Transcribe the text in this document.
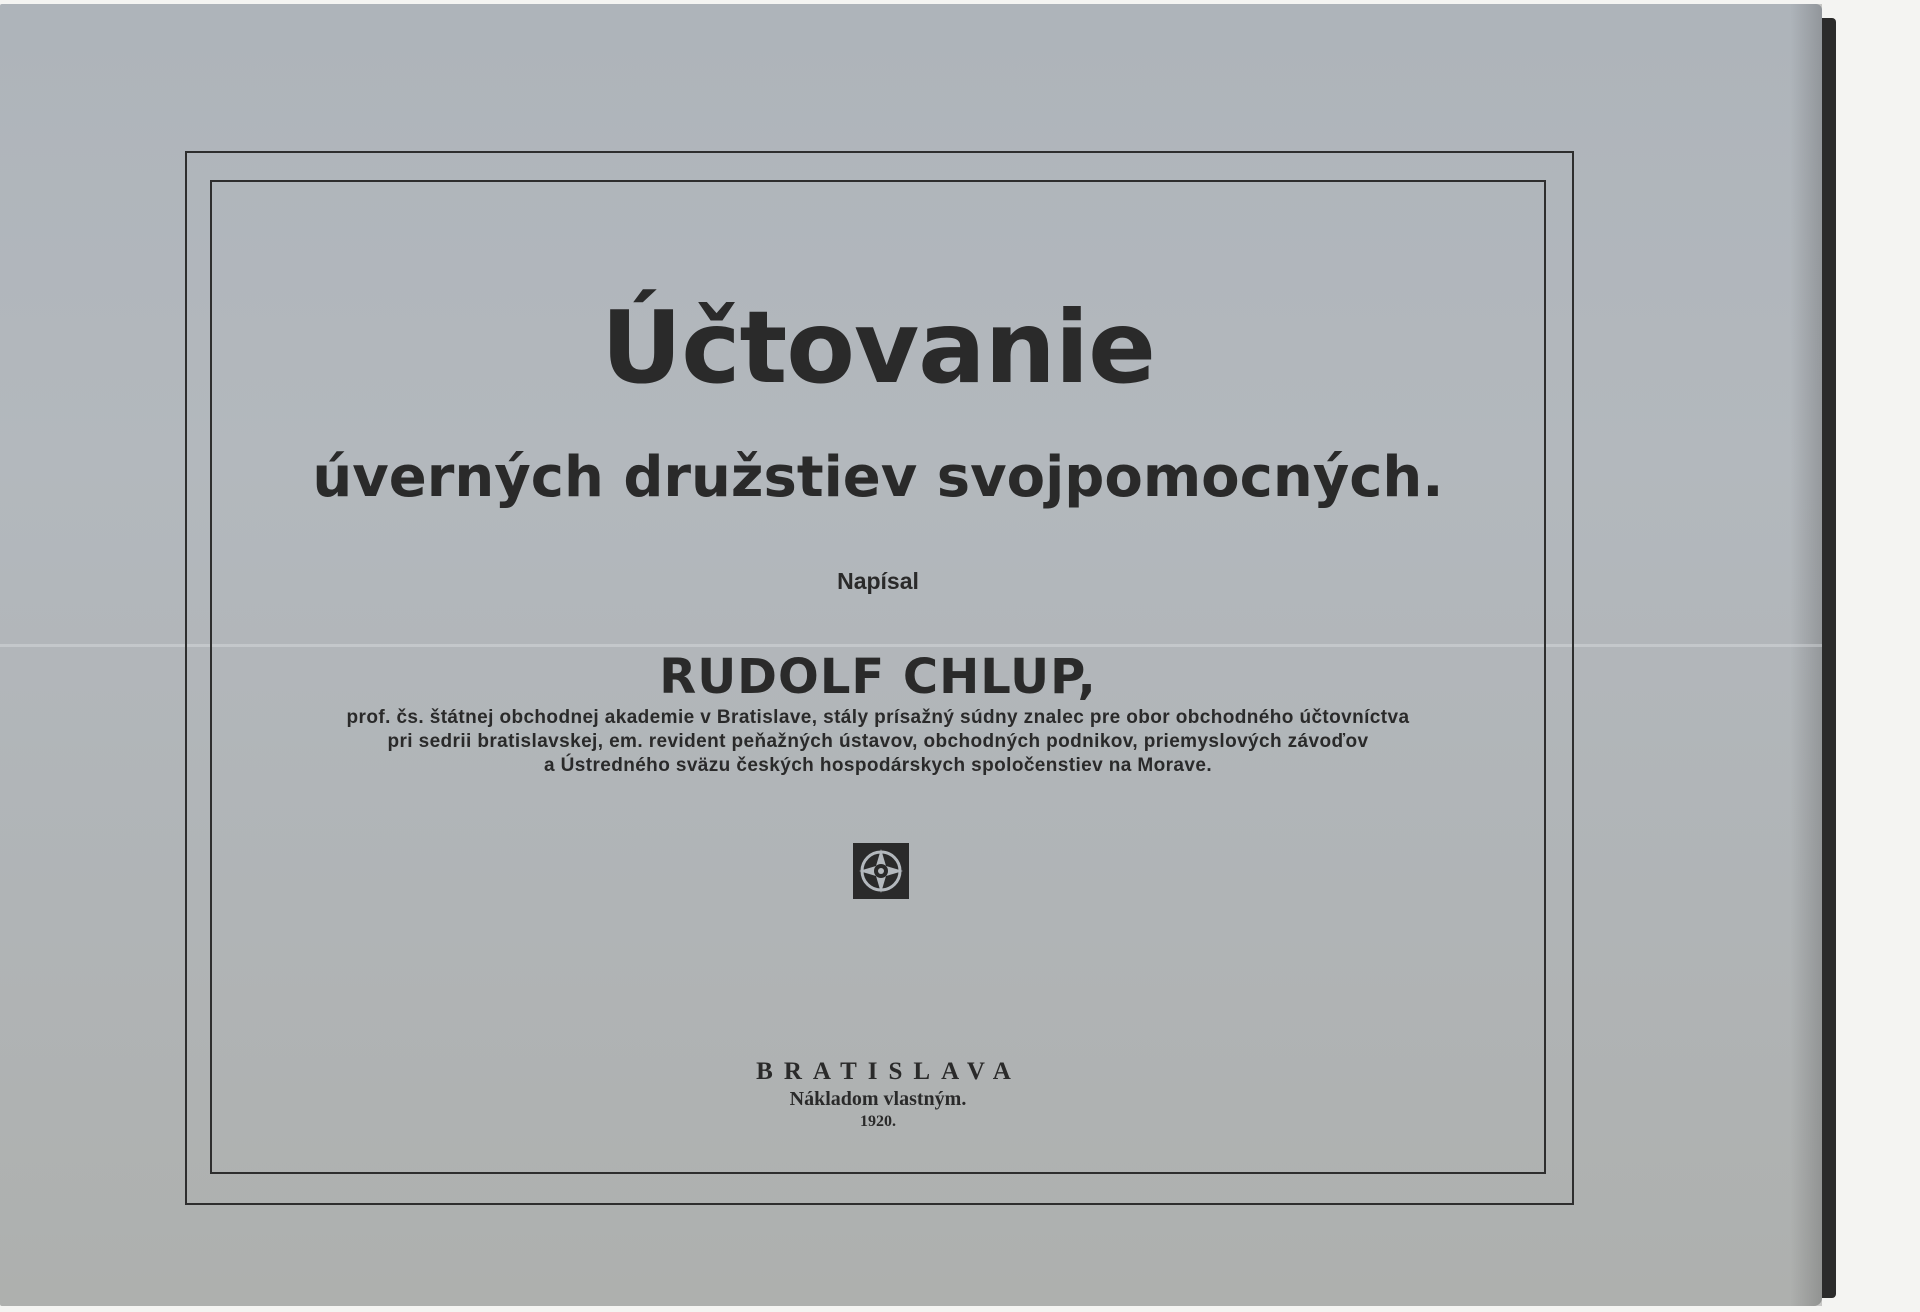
Účtovanie
úverných družstiev svojpomocných.

Napísal

RUDOLF CHLUP,

prof. čs. štátnej obchodnej akademie v Bratislave, stály prísažný súdny znalec pre obor obchodného účtovníctva
pri sedrii bratislavskej, em. revident peňažných ústavov, obchodných podnikov, priemyslových závoďov
a Ústredného sväzu českých hospodárskych spoločenstiev na Morave.

BRATISLAVA

Nákladom vlastným.

1920.
